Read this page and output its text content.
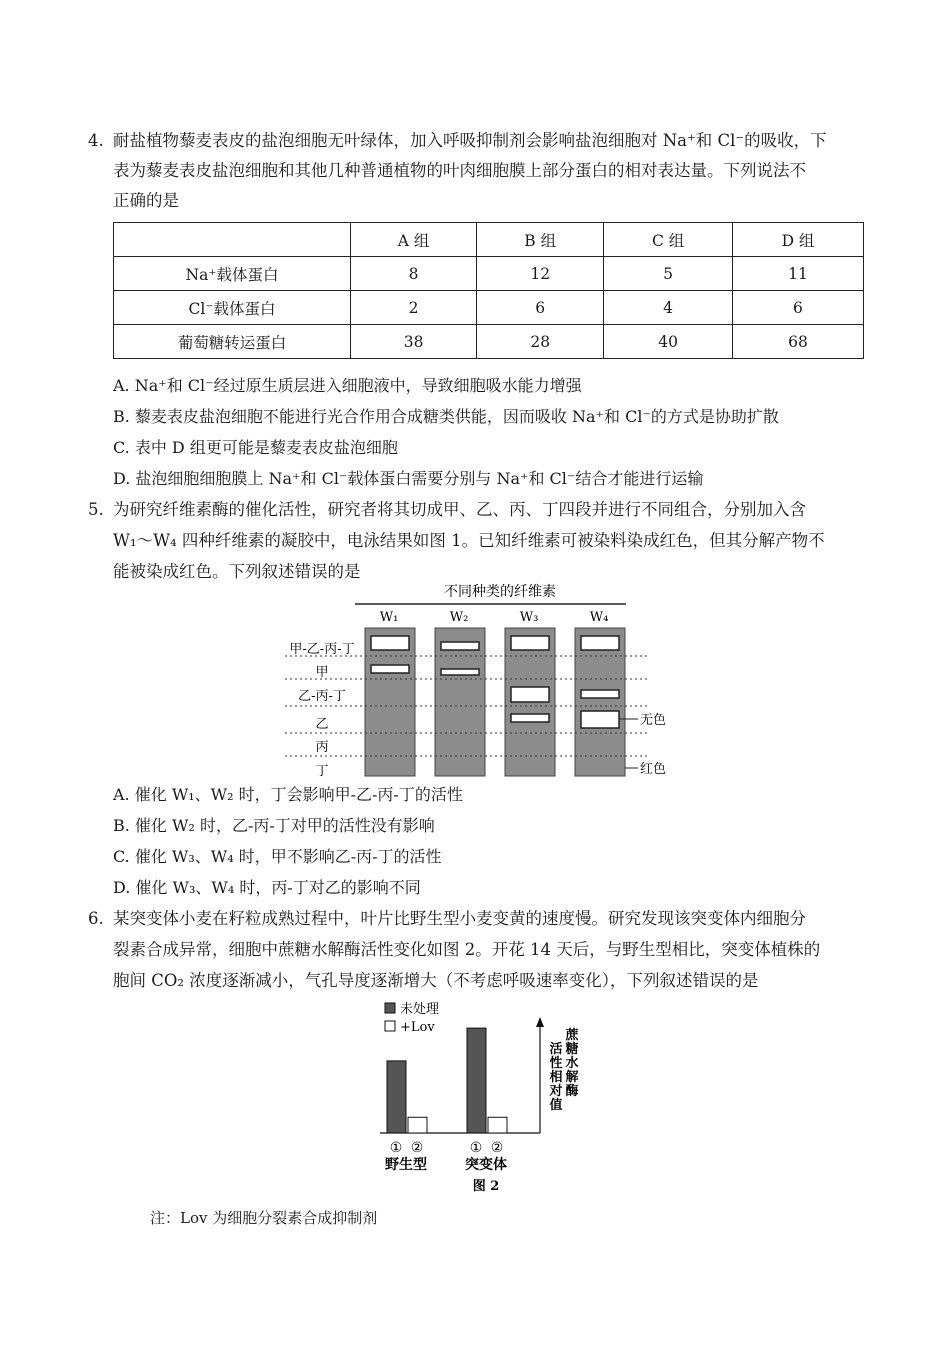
4. 耐盐植物藜麦表皮的盐泡细胞无叶绿体，加入呼吸抑制剂会影响盐泡细胞对 Na⁺和 Cl⁻的吸收，下
表为藜麦表皮盐泡细胞和其他几种普通植物的叶肉细胞膜上部分蛋白的相对表达量。下列说法不
正确的是
	A 组	B 组	C 组	D 组
Na⁺载体蛋白	8	12	5	11
Cl⁻载体蛋白	2	6	4	6
葡萄糖转运蛋白	38	28	40	68
A. Na⁺和 Cl⁻经过原生质层进入细胞液中，导致细胞吸水能力增强
B. 藜麦表皮盐泡细胞不能进行光合作用合成糖类供能，因而吸收 Na⁺和 Cl⁻的方式是协助扩散
C. 表中 D 组更可能是藜麦表皮盐泡细胞
D. 盐泡细胞细胞膜上 Na⁺和 Cl⁻载体蛋白需要分别与 Na⁺和 Cl⁻结合才能进行运输
5. 为研究纤维素酶的催化活性，研究者将其切成甲、乙、丙、丁四段并进行不同组合，分别加入含
W₁～W₄ 四种纤维素的凝胶中，电泳结果如图 1。已知纤维素可被染料染成红色，但其分解产物不
能被染成红色。下列叙述错误的是
不同种类的纤维素
W₁	W₂	W₃	W₄
甲-乙-丙-丁
甲
乙-丙-丁
乙
丙
丁
无色
红色
A. 催化 W₁、W₂ 时，丁会影响甲-乙-丙-丁的活性
B. 催化 W₂ 时，乙-丙-丁对甲的活性没有影响
C. 催化 W₃、W₄ 时，甲不影响乙-丙-丁的活性
D. 催化 W₃、W₄ 时，丙-丁对乙的影响不同
6. 某突变体小麦在籽粒成熟过程中，叶片比野生型小麦变黄的速度慢。研究发现该突变体内细胞分
裂素合成异常，细胞中蔗糖水解酶活性变化如图 2。开花 14 天后，与野生型相比，突变体植株的
胞间 CO₂ 浓度逐渐减小，气孔导度逐渐增大（不考虑呼吸速率变化），下列叙述错误的是
未处理
+Lov
蔗糖水解酶
活性相对值
① ②	① ②
野生型	突变体
图 2
注：Lov 为细胞分裂素合成抑制剂
